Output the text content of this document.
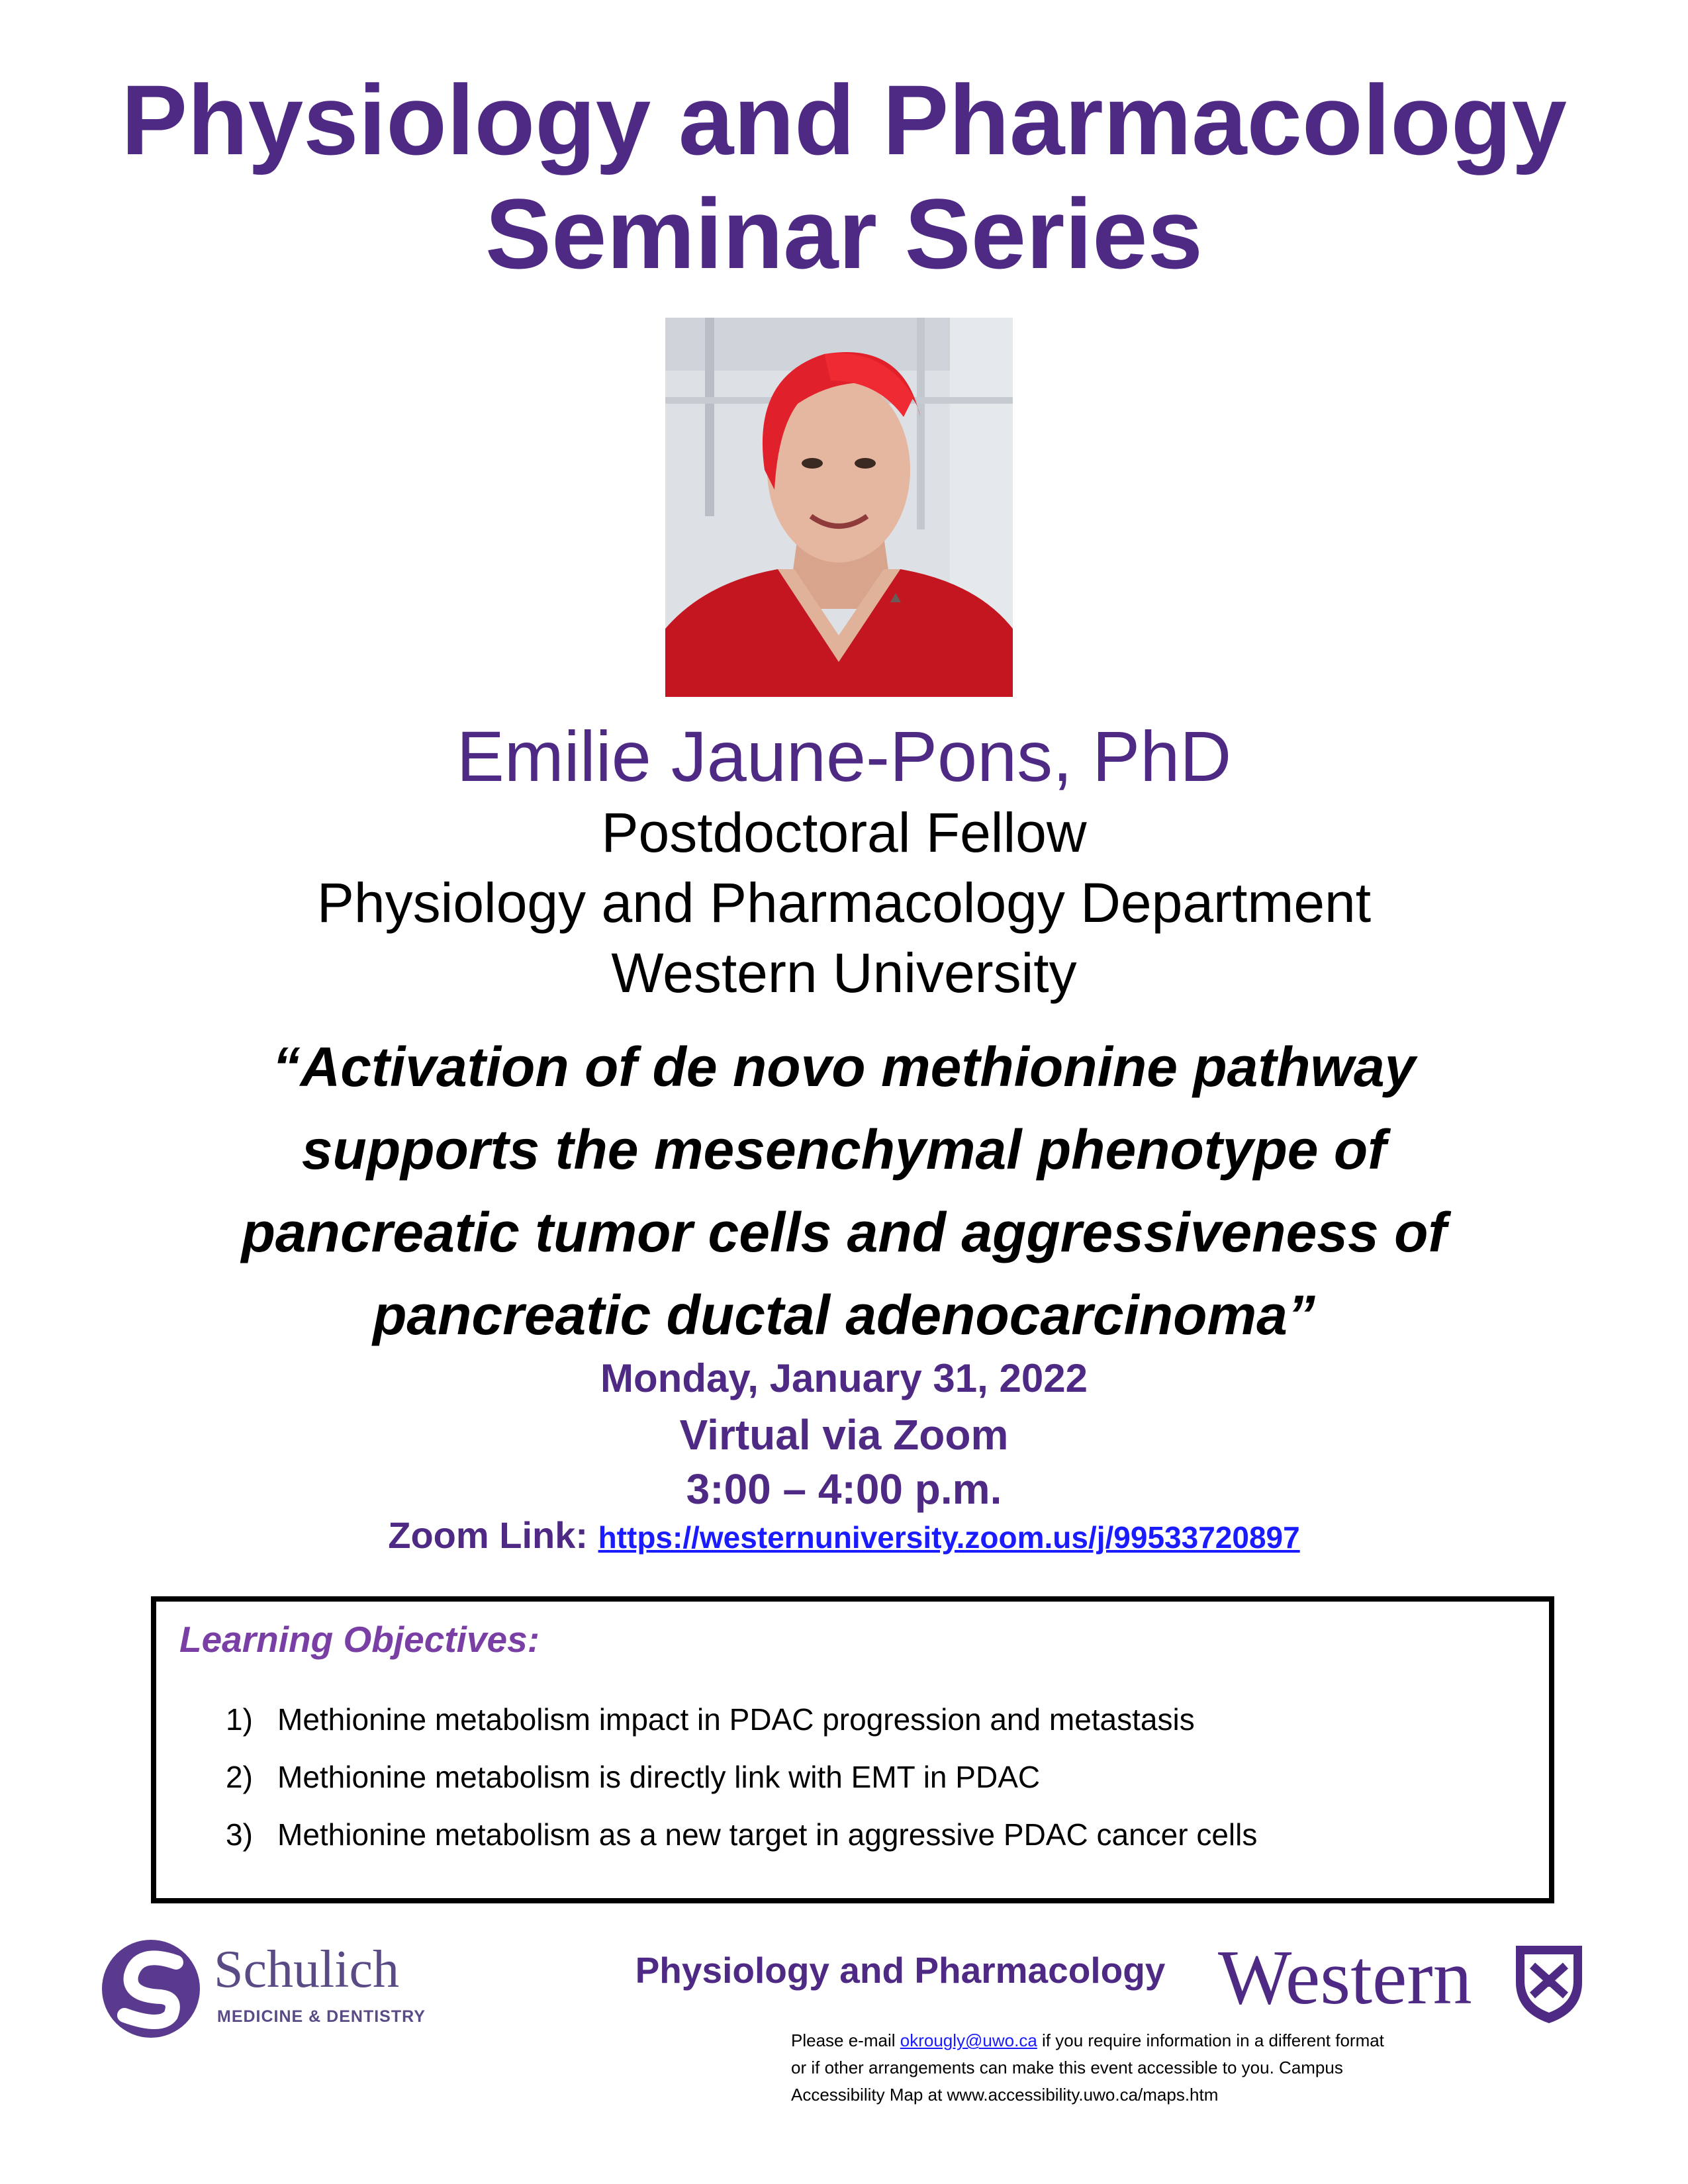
Physiology and Pharmacology
Seminar Series
Emilie Jaune-Pons, PhD
Postdoctoral Fellow
Physiology and Pharmacology Department
Western University
“Activation of de novo methionine pathway
supports the mesenchymal phenotype of
pancreatic tumor cells and aggressiveness of
pancreatic ductal adenocarcinoma”
Monday, January 31, 2022
Virtual via Zoom
3:00 – 4:00 p.m.
Zoom Link: https://westernuniversity.zoom.us/j/99533720897
Learning Objectives:
1) Methionine metabolism impact in PDAC progression and metastasis
2) Methionine metabolism is directly link with EMT in PDAC
3) Methionine metabolism as a new target in aggressive PDAC cancer cells
Schulich
MEDICINE & DENTISTRY
Physiology and Pharmacology Western
Please e-mail okrougly@uwo.ca if you require information in a different format
or if other arrangements can make this event accessible to you. Campus
Accessibility Map at www.accessibility.uwo.ca/maps.htm
